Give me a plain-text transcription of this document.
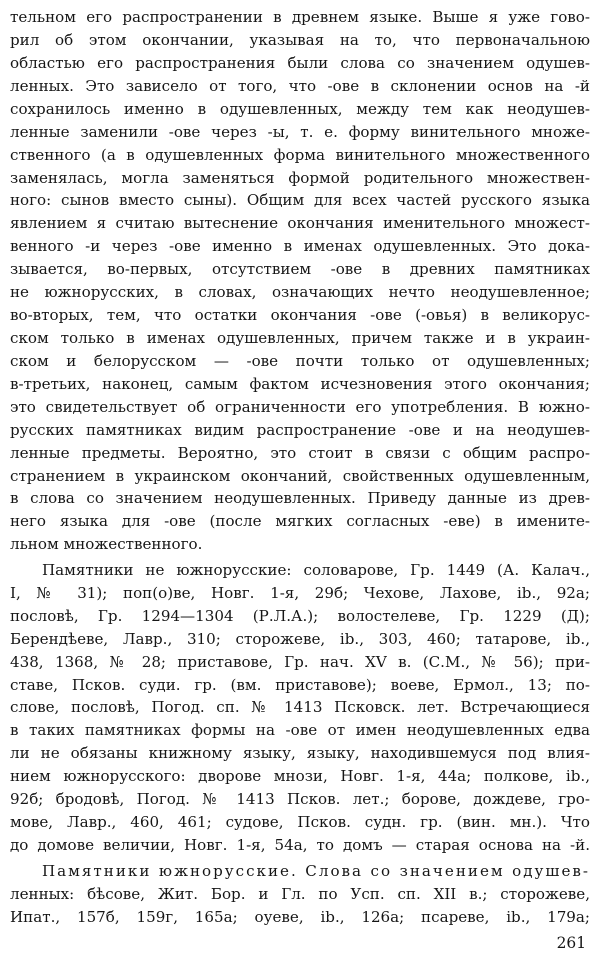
тельном его распространении в древнем языке. Выше я уже гово-
рил об этом окончании, указывая на то, что первоначальною
областью его распространения были слова со значением одушев-
ленных. Это зависело от того, что -ове в склонении основ на -й
сохранилось именно в одушевленных, между тем как неодушев-
ленные заменили -ове через -ы, т. е. форму винительного множе-
ственного (а в одушевленных форма винительного множественного
заменялась, могла заменяться формой родительного множествен-
ного: сынов вместо сыны). Общим для всех частей русского языка
явлением я считаю вытеснение окончания именительного множест-
венного -и через -ове именно в именах одушевленных. Это дока-
зывается, во-первых, отсутствием -ове в древних памятниках
не южнорусских, в словах, означающих нечто неодушевленное;
во-вторых, тем, что остатки окончания -ове (-овья) в великорус-
ском только в именах одушевленных, причем также и в украин-
ском и белорусском — -ове почти только от одушевленных;
в-третьих, наконец, самым фактом исчезновения этого окончания;
это свидетельствует об ограниченности его употребления. В южно-
русских памятниках видим распространение -ове и на неодушев-
ленные предметы. Вероятно, это стоит в связи с общим распро-
странением в украинском окончаний, свойственных одушевленным,
в слова со значением неодушевленных. Приведу данные из древ-
него языка для -ове (после мягких согласных -еве) в имените-
льном множественного.
Памятники не южнорусские: соловарове, Гр. 1449 (А. Калач.,
I, № 31); поп(о)ве, Новг. 1-я, 29б; Чехове, Лахове, ib., 92а;
пословѣ, Гр. 1294—1304 (Р.Л.А.); волостелеве, Гр. 1229 (Д);
Берендѣеве, Лавр., 310; сторожеве, ib., 303, 460; татарове, ib.,
438, 1368, № 28; приставове, Гр. нач. XV в. (С.М., № 56); при-
ставе, Псков. суди. гр. (вм. приставове); воеве, Ермол., 13; по-
слове, пословѣ, Погод. сп. № 1413 Псковск. лет. Встречающиеся
в таких памятниках формы на -ове от имен неодушевленных едва
ли не обязаны книжному языку, языку, находившемуся под влия-
нием южнорусского: дворове мнози, Новг. 1-я, 44а; полкове, ib.,
92б; бродовѣ, Погод. № 1413 Псков. лет.; борове, дождеве, гро-
мове, Лавр., 460, 461; судове, Псков. судн. гр. (вин. мн.). Что
до домове величии, Новг. 1-я, 54а, то домъ — старая основа на -й.
Памятники южнорусские. Слова со значением одушев-
ленных: бѣсове, Жит. Бор. и Гл. по Усп. сп. XII в.; сторожеве,
Ипат., 157б, 159г, 165а; оуеве, ib., 126а; псареве, ib., 179а;
261
